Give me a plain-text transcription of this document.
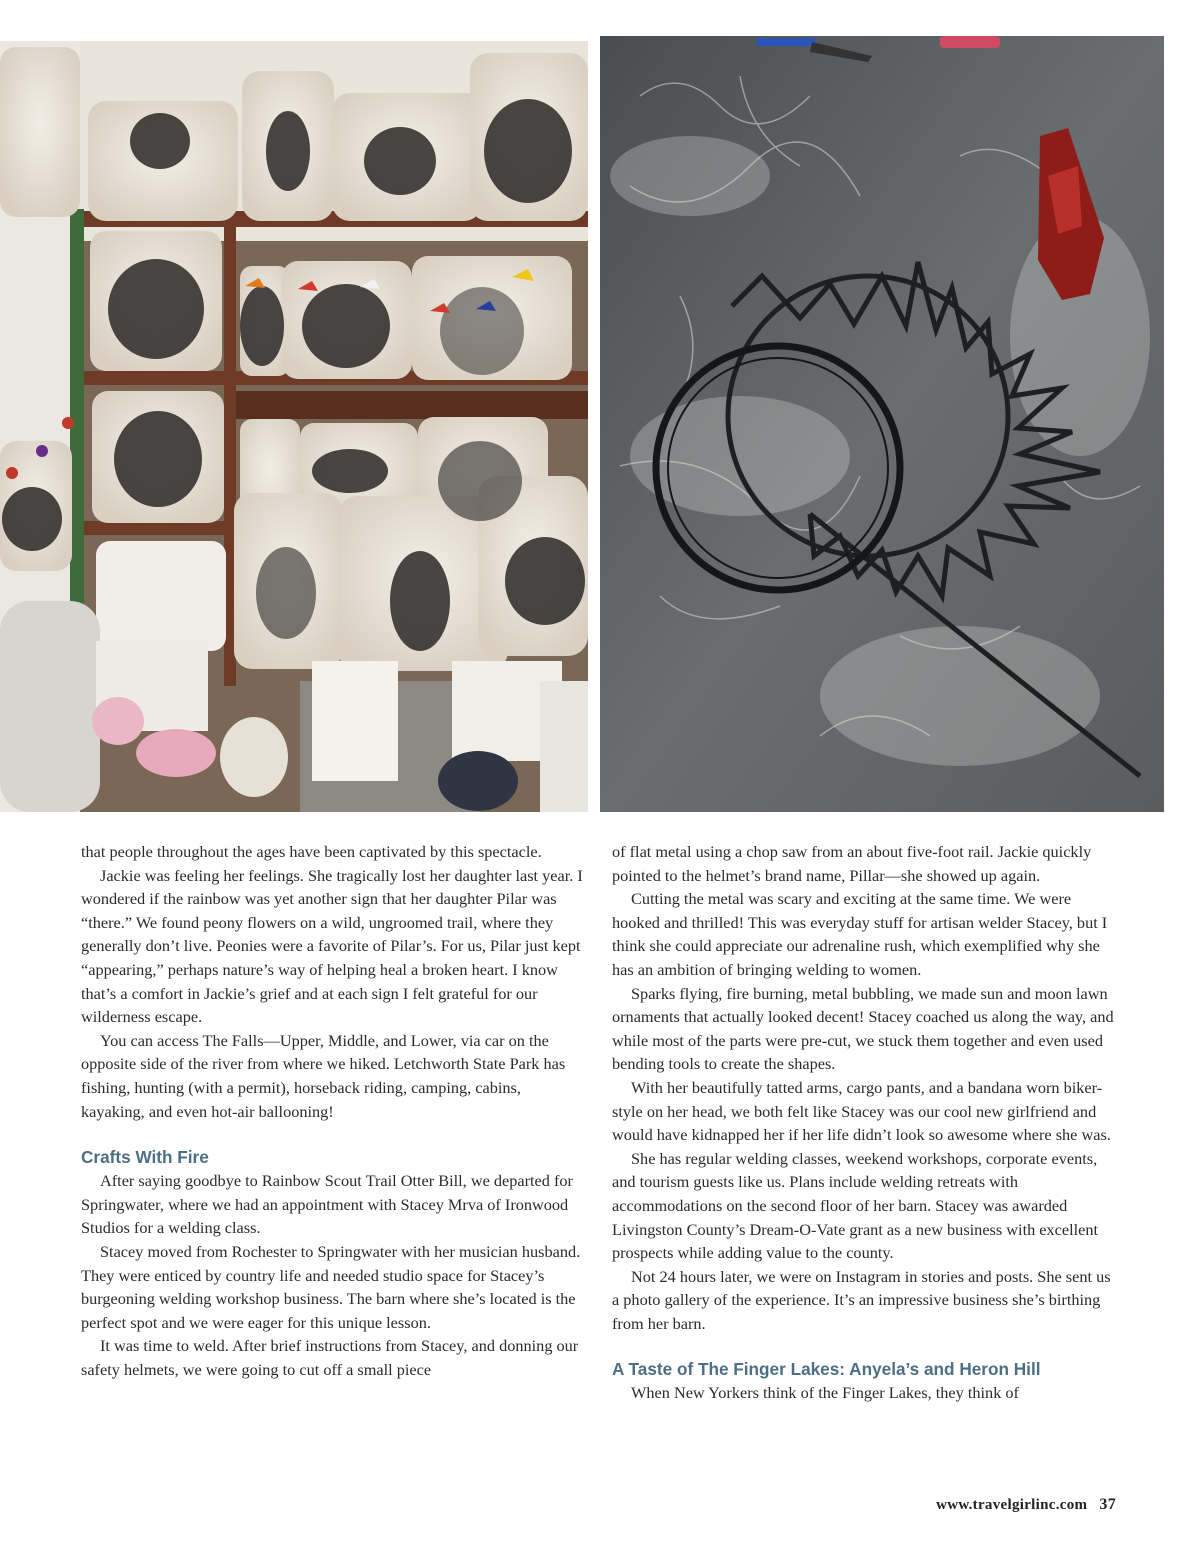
that people throughout the ages have been captivated by this spectacle.

Jackie was feeling her feelings. She tragically lost her daughter last year. I wondered if the rainbow was yet another sign that her daughter Pilar was “there.” We found peony flowers on a wild, ungroomed trail, where they generally don’t live. Peonies were a favorite of Pilar’s. For us, Pilar just kept “appearing,” perhaps nature’s way of helping heal a broken heart. I know that’s a comfort in Jackie’s grief and at each sign I felt grateful for our wilderness escape.

You can access The Falls—Upper, Middle, and Lower, via car on the opposite side of the river from where we hiked. Letchworth State Park has fishing, hunting (with a permit), horseback riding, camping, cabins, kayaking, and even hot-air ballooning!

Crafts With Fire

After saying goodbye to Rainbow Scout Trail Otter Bill, we departed for Springwater, where we had an appointment with Stacey Mrva of Ironwood Studios for a welding class.

Stacey moved from Rochester to Springwater with her musician husband. They were enticed by country life and needed studio space for Stacey’s burgeoning welding workshop business. The barn where she’s located is the perfect spot and we were eager for this unique lesson.

It was time to weld. After brief instructions from Stacey, and donning our safety helmets, we were going to cut off a small piece

of flat metal using a chop saw from an about five-foot rail. Jackie quickly pointed to the helmet’s brand name, Pillar—she showed up again.

Cutting the metal was scary and exciting at the same time. We were hooked and thrilled! This was everyday stuff for artisan welder Stacey, but I think she could appreciate our adrenaline rush, which exemplified why she has an ambition of bringing welding to women.

Sparks flying, fire burning, metal bubbling, we made sun and moon lawn ornaments that actually looked decent! Stacey coached us along the way, and while most of the parts were pre-cut, we stuck them together and even used bending tools to create the shapes.

With her beautifully tatted arms, cargo pants, and a bandana worn biker-style on her head, we both felt like Stacey was our cool new girlfriend and would have kidnapped her if her life didn’t look so awesome where she was.

She has regular welding classes, weekend workshops, corporate events, and tourism guests like us. Plans include welding retreats with accommodations on the second floor of her barn. Stacey was awarded Livingston County’s Dream-O-Vate grant as a new business with excellent prospects while adding value to the county.

Not 24 hours later, we were on Instagram in stories and posts. She sent us a photo gallery of the experience. It’s an impressive business she’s birthing from her barn.

A Taste of The Finger Lakes: Anyela’s and Heron Hill

When New Yorkers think of the Finger Lakes, they think of

www.travelgirlinc.com 37
